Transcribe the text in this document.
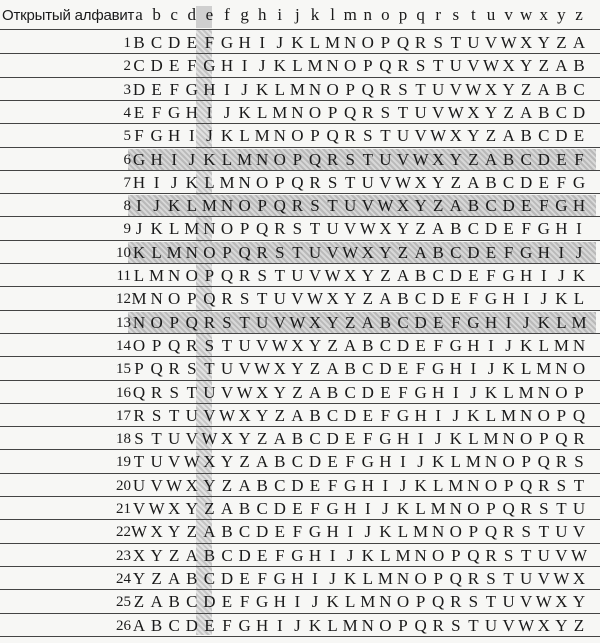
Открытый алфавит a b c d e f g h i j k l m n o p q r s t u v w x y z
1 B C D E F G H I J K L M N O P Q R S T U V W X Y Z A
2 C D E F G H I J K L M N O P Q R S T U V W X Y Z A B
3 D E F G H I J K L M N O P Q R S T U V W X Y Z A B C
4 E F G H I J K L M N O P Q R S T U V W X Y Z A B C D
5 F G H I J K L M N O P Q R S T U V W X Y Z A B C D E
6 G H I J K L M N O P Q R S T U V W X Y Z A B C D E F
7 H I J K L M N O P Q R S T U V W X Y Z A B C D E F G
8 I J K L M N O P Q R S T U V W X Y Z A B C D E F G H
9 J K L M N O P Q R S T U V W X Y Z A B C D E F G H I
10 K L M N O P Q R S T U V W X Y Z A B C D E F G H I J
11 L M N O P Q R S T U V W X Y Z A B C D E F G H I J K
12 M N O P Q R S T U V W X Y Z A B C D E F G H I J K L
13 N O P Q R S T U V W X Y Z A B C D E F G H I J K L M
14 O P Q R S T U V W X Y Z A B C D E F G H I J K L M N
15 P Q R S T U V W X Y Z A B C D E F G H I J K L M N O
16 Q R S T U V W X Y Z A B C D E F G H I J K L M N O P
17 R S T U V W X Y Z A B C D E F G H I J K L M N O P Q
18 S T U V W X Y Z A B C D E F G H I J K L M N O P Q R
19 T U V W X Y Z A B C D E F G H I J K L M N O P Q R S
20 U V W X Y Z A B C D E F G H I J K L M N O P Q R S T
21 V W X Y Z A B C D E F G H I J K L M N O P Q R S T U
22 W X Y Z A B C D E F G H I J K L M N O P Q R S T U V
23 X Y Z A B C D E F G H I J K L M N O P Q R S T U V W
24 Y Z A B C D E F G H I J K L M N O P Q R S T U V W X
25 Z A B C D E F G H I J K L M N O P Q R S T U V W X Y
26 A B C D E F G H I J K L M N O P Q R S T U V W X Y Z
